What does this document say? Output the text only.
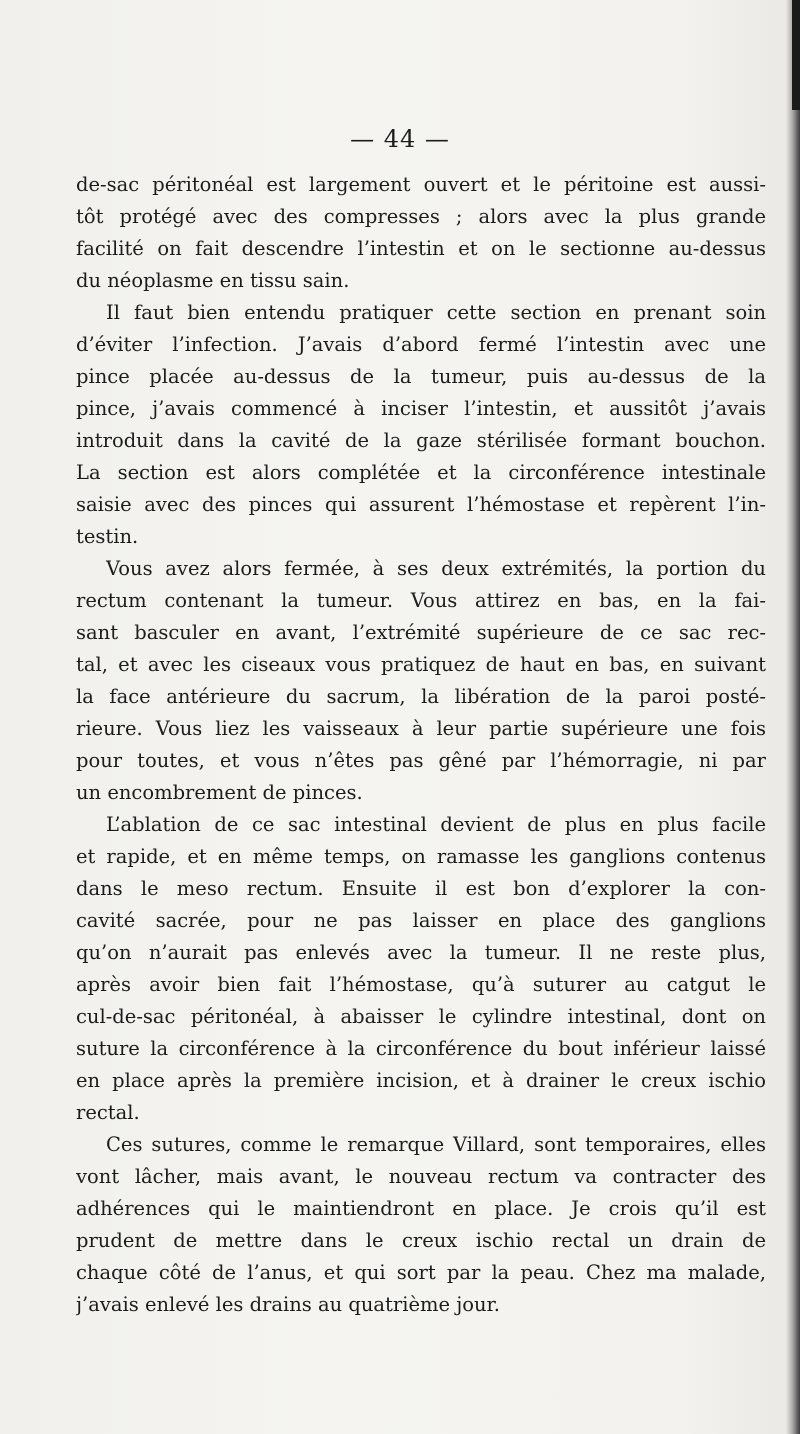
— 44 —
de-sac péritonéal est largement ouvert et le péritoine est aussi-
tôt protégé avec des compresses ; alors avec la plus grande
facilité on fait descendre l’intestin et on le sectionne au-dessus
du néoplasme en tissu sain.
Il faut bien entendu pratiquer cette section en prenant soin
d’éviter l’infection. J’avais d’abord fermé l’intestin avec une
pince placée au-dessus de la tumeur, puis au-dessus de la
pince, j’avais commencé à inciser l’intestin, et aussitôt j’avais
introduit dans la cavité de la gaze stérilisée formant bouchon.
La section est alors complétée et la circonférence intestinale
saisie avec des pinces qui assurent l’hémostase et repèrent l’in-
testin.
Vous avez alors fermée, à ses deux extrémités, la portion du
rectum contenant la tumeur. Vous attirez en bas, en la fai-
sant basculer en avant, l’extrémité supérieure de ce sac rec-
tal, et avec les ciseaux vous pratiquez de haut en bas, en suivant
la face antérieure du sacrum, la libération de la paroi posté-
rieure. Vous liez les vaisseaux à leur partie supérieure une fois
pour toutes, et vous n’êtes pas gêné par l’hémorragie, ni par
un encombrement de pinces.
L’ablation de ce sac intestinal devient de plus en plus facile
et rapide, et en même temps, on ramasse les ganglions contenus
dans le meso rectum. Ensuite il est bon d’explorer la con-
cavité sacrée, pour ne pas laisser en place des ganglions
qu’on n’aurait pas enlevés avec la tumeur. Il ne reste plus,
après avoir bien fait l’hémostase, qu’à suturer au catgut le
cul-de-sac péritonéal, à abaisser le cylindre intestinal, dont on
suture la circonférence à la circonférence du bout inférieur laissé
en place après la première incision, et à drainer le creux ischio
rectal.
Ces sutures, comme le remarque Villard, sont temporaires, elles
vont lâcher, mais avant, le nouveau rectum va contracter des
adhérences qui le maintiendront en place. Je crois qu’il est
prudent de mettre dans le creux ischio rectal un drain de
chaque côté de l’anus, et qui sort par la peau. Chez ma malade,
j’avais enlevé les drains au quatrième jour.
